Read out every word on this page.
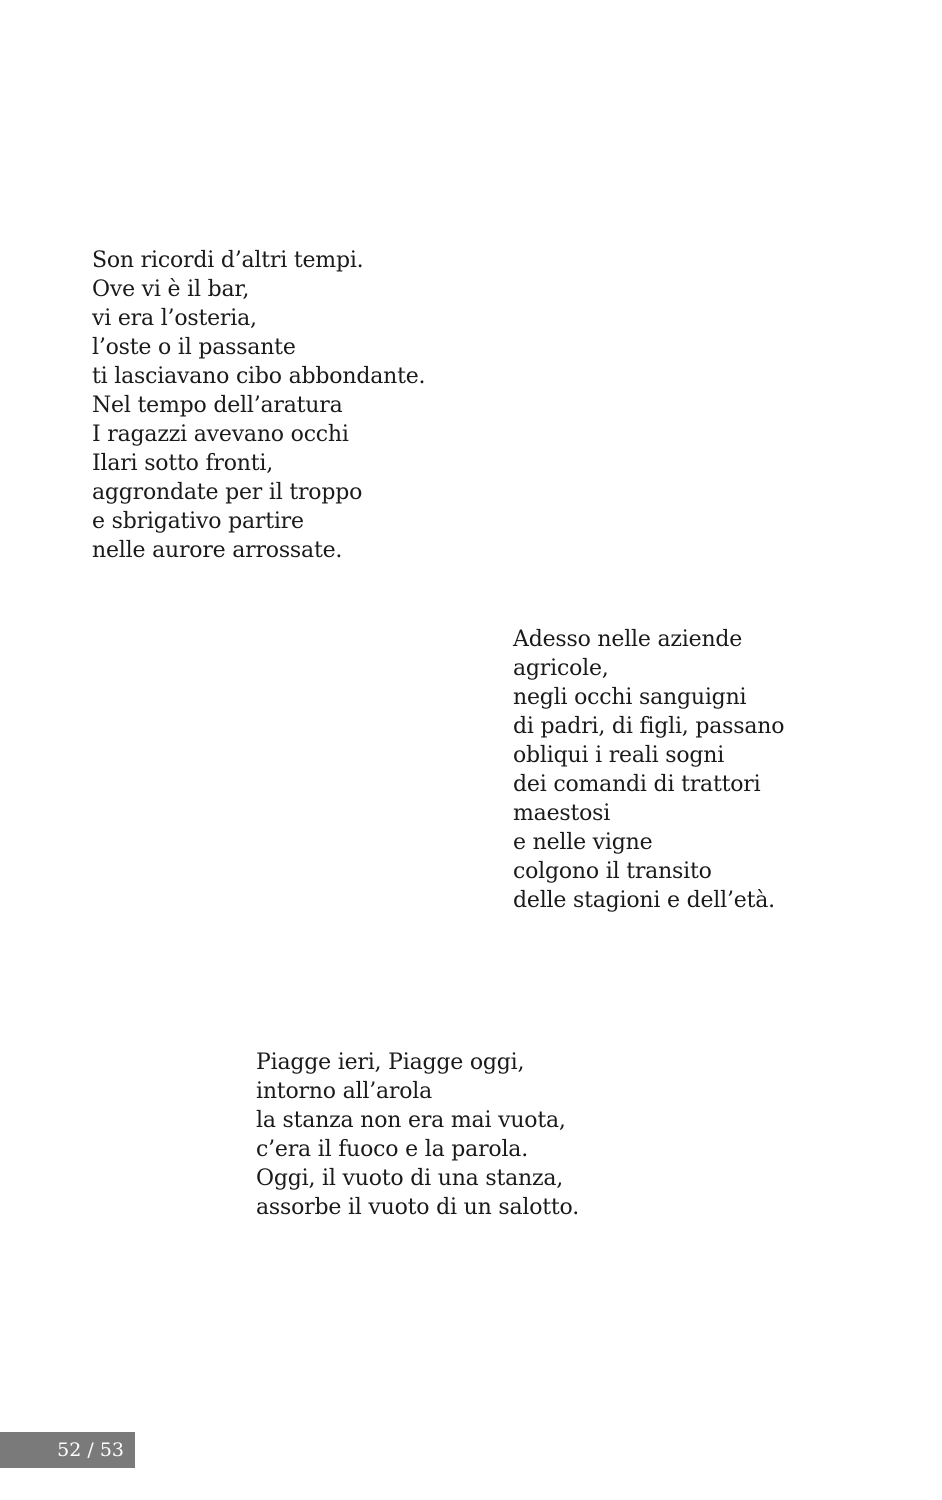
Son ricordi d’altri tempi.
Ove vi è il bar,
vi era l’osteria,
l’oste o il passante
ti lasciavano cibo abbondante.
Nel tempo dell’aratura
I ragazzi avevano occhi
Ilari sotto fronti,
aggrondate per il troppo
e sbrigativo partire
nelle aurore arrossate.
Adesso nelle aziende
agricole,
negli occhi sanguigni
di padri, di figli, passano
obliqui i reali sogni
dei comandi di trattori
maestosi
e nelle vigne
colgono il transito
delle stagioni e dell’età.
Piagge ieri, Piagge oggi,
intorno all’arola
la stanza non era mai vuota,
c’era il fuoco e la parola.
Oggi, il vuoto di una stanza,
assorbe il vuoto di un salotto.
52 / 53
